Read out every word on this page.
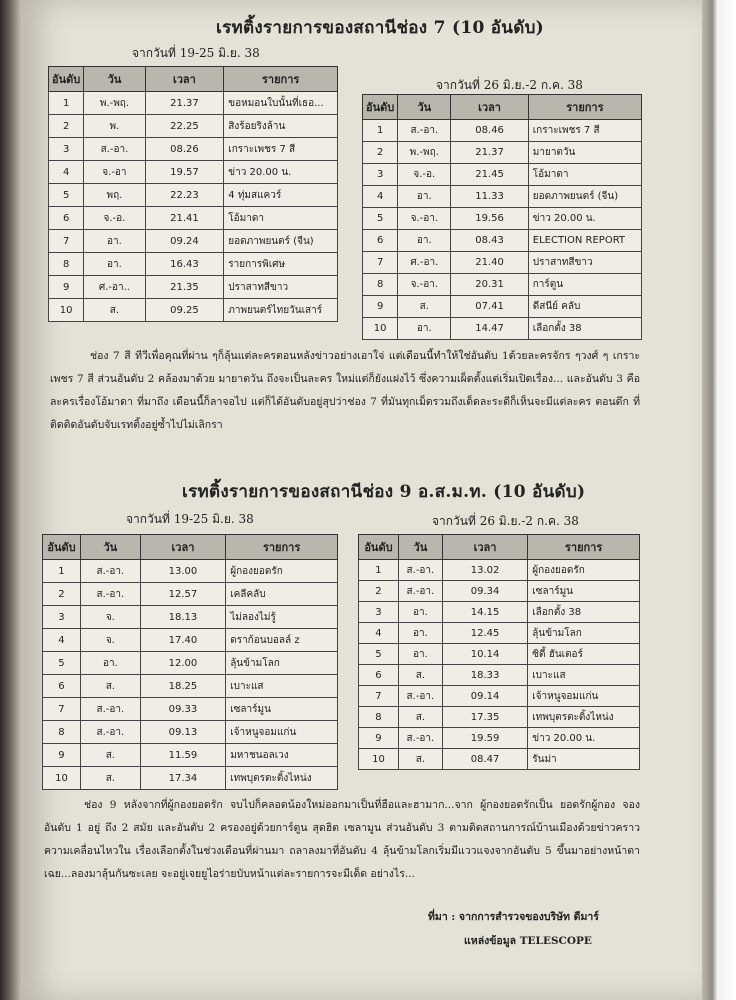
เรทติ้งรายการของสถานีช่อง 7 (10 อันดับ)
จากวันที่ 19-25 มิ.ย. 38
จากวันที่ 26 มิ.ย.-2 ก.ค. 38
อันดับ	วัน	เวลา	รายการ
1	พ.-พฤ.	21.37	ขอหมอนใบนั้นที่เธอ...
2	พ.	22.25	สิงร้อยริงล้าน
3	ส.-อา.	08.26	เกราะเพชร 7 สี
4	จ.-อา	19.57	ข่าว 20.00 น.
5	พฤ.	22.23	4 ทุ่มสแควร์
6	จ.-อ.	21.41	โอ้มาดา
7	อา.	09.24	ยอดภาพยนตร์ (จีน)
8	อา.	16.43	รายการพิเศษ
9	ศ.-อา..	21.35	ปราสาทสีขาว
10	ส.	09.25	ภาพยนตร์ไทยวันเสาร์
อันดับ	วัน	เวลา	รายการ
1	ส.-อา.	08.46	เกราะเพชร 7 สี
2	พ.-พฤ.	21.37	มายาตวัน
3	จ.-อ.	21.45	โอ้มาดา
4	อา.	11.33	ยอดภาพยนตร์ (จีน)
5	จ.-อา.	19.56	ข่าว 20.00 น.
6	อา.	08.43	ELECTION REPORT
7	ศ.-อา.	21.40	ปราสาทสีขาว
8	จ.-อา.	20.31	การ์ตูน
9	ส.	07.41	ดีสนีย์ คลับ
10	อา.	14.47	เลือกตั้ง 38
ช่อง 7 สี ทีวีเพื่อคุณที่ผ่าน ๆก็ลุ้นแต่ละครตอนหลังข่าวอย่างเอาใจ่ แต่เดือนนี้ทำให้ใช่อันดับ 1ด้วยละครจักร ๆวงศ์ ๆ เกราะเพชร 7 สี ส่วนอันดับ 2 คล้องมาด้วย มายาตวัน ถึงจะเป็นละคร ใหม่แต่ก็ยังแฝงไว้ ซึ่งความเผ็ดตั้งแต่เริ่มเปิดเรื่อง... และอันดับ 3 คือละครเรื่องโอ้มาดา ที่มาถึง เดือนนี้ก็ลาจอไป แต่ก็ได้อันดับอยู่สุปว่าช่อง 7 ที่มันทุกเม็ดรวมถึงเด็ดละระดีก็เห็นจะมีแต่ละคร ตอนดึก ที่ติดติดอันดับจับเรทติ้งอยู่ซ้ำไปไม่เลิกรา
เรทติ้งรายการของสถานีช่อง 9 อ.ส.ม.ท. (10 อันดับ)
จากวันที่ 19-25 มิ.ย. 38	จากวันที่ 26 มิ.ย.-2 ก.ค. 38
อันดับ	วัน	เวลา	รายการ
1	ส.-อา.	13.00	ผู้กองยอดรัก
2	ส.-อา.	12.57	เคลีคลับ
3	จ.	18.13	ไม่ลองไม่รู้
4	จ.	17.40	ดราก้อนบอลล์ z
5	อา.	12.00	ลุ้นข้ามโลก
6	ส.	18.25	เบาะแส
7	ส.-อา.	09.33	เซลาร์มูน
8	ส.-อา.	09.13	เจ้าหนูจอมแก่น
9	ส.	11.59	มหาชนอลเวง
10	ส.	17.34	เทพบุตรตะติ้งไหน่ง
อันดับ	วัน	เวลา	รายการ
1	ส.-อา.	13.02	ผู้กองยอดรัก
2	ส.-อา.	09.34	เซลาร์มูน
3	อา.	14.15	เลือกตั้ง 38
4	อา.	12.45	ลุ้นข้ามโลก
5	อา.	10.14	ซิตี้ ฮันเตอร์
6	ส.	18.33	เบาะแส
7	ส.-อา.	09.14	เจ้าหนูจอมแก่น
8	ส.	17.35	เทพบุตรตะติ้งไหน่ง
9	ส.-อา.	19.59	ข่าว 20.00 น.
10	ส.	08.47	รันม่า
ช่อง 9 หลังจากที่ผู้กองยอดรัก จบไปก็คลอดน้องใหม่ออกมาเป็นที่ฮือและฮามาก...จาก ผู้กองยอดรักเป็น ยอดรักผู้กอง จองอันดับ 1 อยู่ ถึง 2 สมัย และอันดับ 2 ครองอยู่ด้วยการ์ตูน สุดฮิต เซลามูน ส่วนอันดับ 3 ตามติดสถานการณ์บ้านเมืองด้วยข่าวคราวความเคลื่อนไหวใน เรื่องเลือกตั้งในช่วงเดือนที่ผ่านมา ถลาลงมาที่อันดับ 4 ลุ้นข้ามโลกเริ่มมีแววแจงจากอันดับ 5 ขึ้นมาอย่างหน้าตาเฉย...ลองมาลุ้นกันซะเลย จะอยู่เจยยูไอร่ายบับหน้าแต่ละรายการจะมีเด็ด อย่างไร...
ที่มา : จากการสำรวจของบริษัท ดีมาร์
แหล่งข้อมูล TELESCOPE
